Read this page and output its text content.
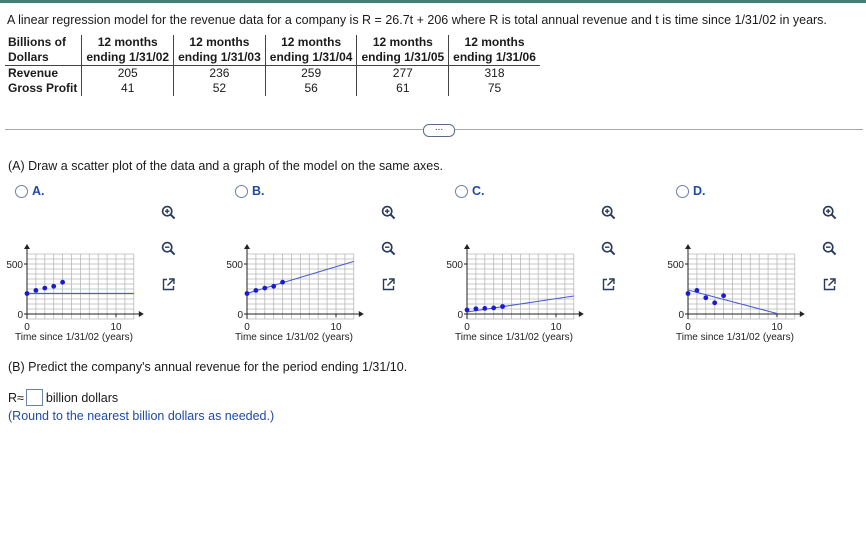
A linear regression model for the revenue data for a company is R = 26.7t + 206 where R is total annual revenue and t is time since 1/31/02 in years.
Billions of	12 months	12 months	12 months	12 months	12 months
Dollars	ending 1/31/02	ending 1/31/03	ending 1/31/04	ending 1/31/05	ending 1/31/06
Revenue	205	236	259	277	318
Gross Profit	41	52	56	61	75
...
(A) Draw a scatter plot of the data and a graph of the model on the same axes.
A.
500
0
0	10
Time since 1/31/02 (years)
B.
500
0
0	10
Time since 1/31/02 (years)
C.
500
0
0	10
Time since 1/31/02 (years)
D.
500
0
0	10
Time since 1/31/02 (years)
(B) Predict the company's annual revenue for the period ending 1/31/10.
R≈ billion dollars
(Round to the nearest billion dollars as needed.)
